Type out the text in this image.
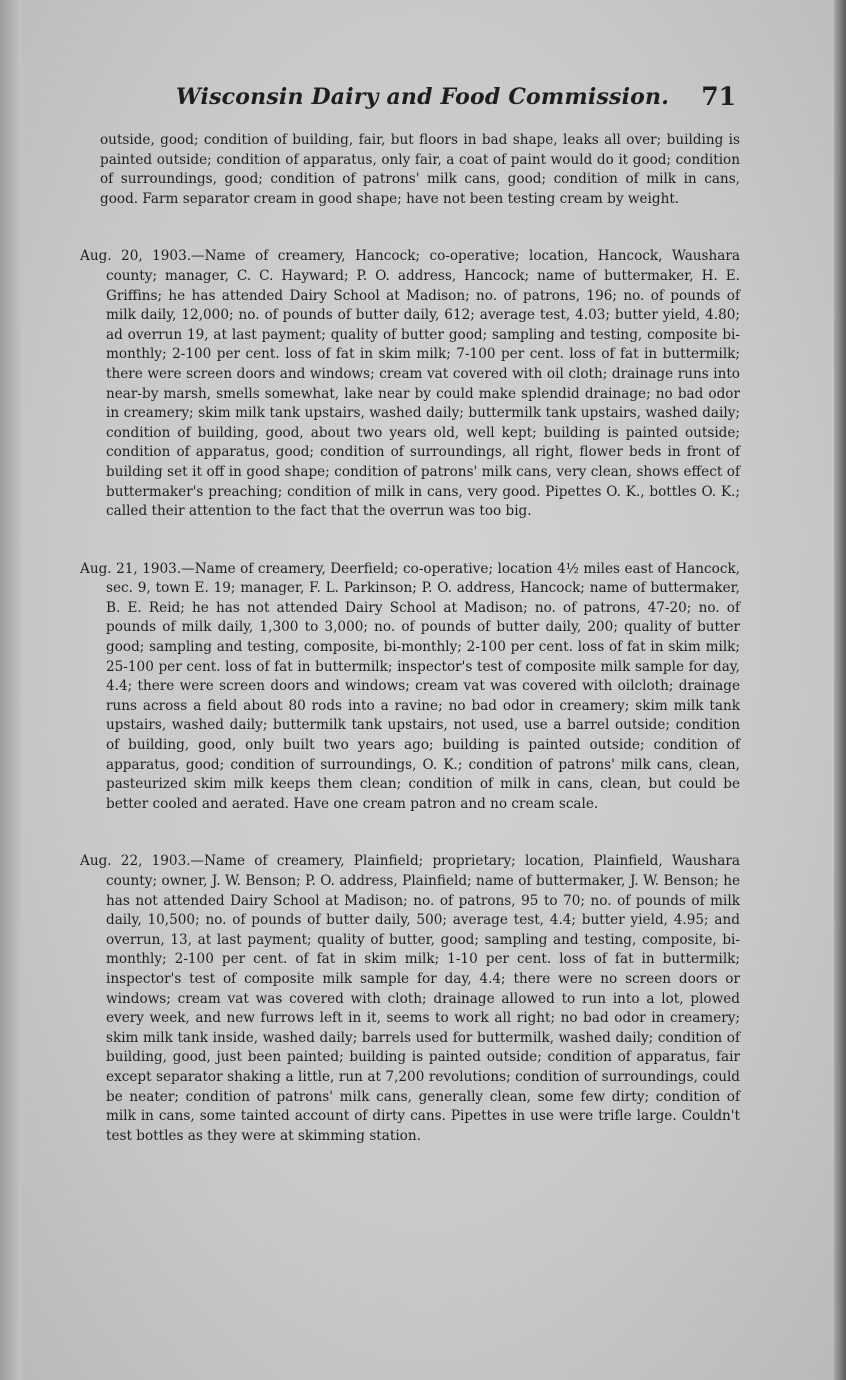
Wisconsin Dairy and Food Commission. 71

outside, good; condition of building, fair, but floors in bad shape, leaks all over; building is painted outside; condition of apparatus, only fair, a coat of paint would do it good; condition of surroundings, good; condition of patrons' milk cans, good; condition of milk in cans, good. Farm separator cream in good shape; have not been testing cream by weight.

Aug. 20, 1903.—Name of creamery, Hancock; co-operative; location, Hancock, Waushara county; manager, C. C. Hayward; P. O. address, Hancock; name of buttermaker, H. E. Griffins; he has attended Dairy School at Madison; no. of patrons, 196; no. of pounds of milk daily, 12,000; no. of pounds of butter daily, 612; average test, 4.03; butter yield, 4.80; ad overrun 19, at last payment; quality of butter good; sampling and testing, composite bi-monthly; 2-100 per cent. loss of fat in skim milk; 7-100 per cent. loss of fat in buttermilk; there were screen doors and windows; cream vat covered with oil cloth; drainage runs into near-by marsh, smells somewhat, lake near by could make splendid drainage; no bad odor in creamery; skim milk tank upstairs, washed daily; buttermilk tank upstairs, washed daily; condition of building, good, about two years old, well kept; building is painted outside; condition of apparatus, good; condition of surroundings, all right, flower beds in front of building set it off in good shape; condition of patrons' milk cans, very clean, shows effect of buttermaker's preaching; condition of milk in cans, very good. Pipettes O. K., bottles O. K.; called their attention to the fact that the overrun was too big.

Aug. 21, 1903.—Name of creamery, Deerfield; co-operative; location 4½ miles east of Hancock, sec. 9, town E. 19; manager, F. L. Parkinson; P. O. address, Hancock; name of buttermaker, B. E. Reid; he has not attended Dairy School at Madison; no. of patrons, 47-20; no. of pounds of milk daily, 1,300 to 3,000; no. of pounds of butter daily, 200; quality of butter good; sampling and testing, composite, bi-monthly; 2-100 per cent. loss of fat in skim milk; 25-100 per cent. loss of fat in buttermilk; inspector's test of composite milk sample for day, 4.4; there were screen doors and windows; cream vat was covered with oilcloth; drainage runs across a field about 80 rods into a ravine; no bad odor in creamery; skim milk tank upstairs, washed daily; buttermilk tank upstairs, not used, use a barrel outside; condition of building, good, only built two years ago; building is painted outside; condition of apparatus, good; condition of surroundings, O. K.; condition of patrons' milk cans, clean, pasteurized skim milk keeps them clean; condition of milk in cans, clean, but could be better cooled and aerated. Have one cream patron and no cream scale.

Aug. 22, 1903.—Name of creamery, Plainfield; proprietary; location, Plainfield, Waushara county; owner, J. W. Benson; P. O. address, Plainfield; name of buttermaker, J. W. Benson; he has not attended Dairy School at Madison; no. of patrons, 95 to 70; no. of pounds of milk daily, 10,500; no. of pounds of butter daily, 500; average test, 4.4; butter yield, 4.95; and overrun, 13, at last payment; quality of butter, good; sampling and testing, composite, bi-monthly; 2-100 per cent. of fat in skim milk; 1-10 per cent. loss of fat in buttermilk; inspector's test of composite milk sample for day, 4.4; there were no screen doors or windows; cream vat was covered with cloth; drainage allowed to run into a lot, plowed every week, and new furrows left in it, seems to work all right; no bad odor in creamery; skim milk tank inside, washed daily; barrels used for buttermilk, washed daily; condition of building, good, just been painted; building is painted outside; condition of apparatus, fair except separator shaking a little, run at 7,200 revolutions; condition of surroundings, could be neater; condition of patrons' milk cans, generally clean, some few dirty; condition of milk in cans, some tainted account of dirty cans. Pipettes in use were trifle large. Couldn't test bottles as they were at skimming station.
